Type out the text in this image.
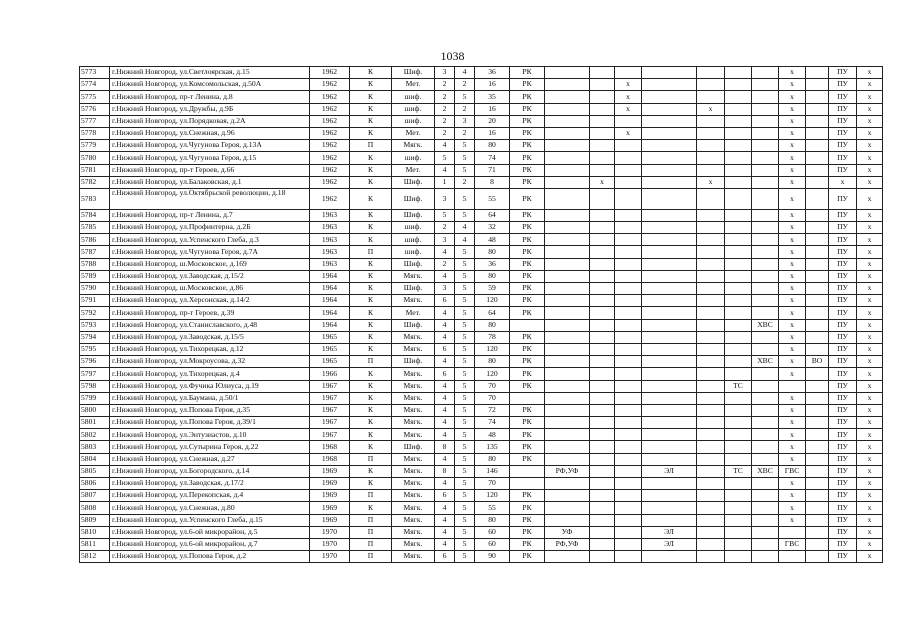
1038
5773	г.Нижний Новгород, ул.Светлоярская, д.15	1962	К	Шиф.	3	4	36	РК								х		ПУ	х
5774	г.Нижний Новгород, ул.Комсомольская, д.50А	1962	К	Мет.	2	2	16	РК			х					х		ПУ	х
5775	г.Нижний Новгород, пр-т Ленина, д.8	1962	К	шиф.	2	5	35	РК			х					х		ПУ	х
5776	г.Нижний Новгород, ул.Дружбы, д.9Б	1962	К	шиф.	2	2	16	РК			х		х			х		ПУ	х
5777	г.Нижний Новгород, ул.Порядковая, д.2А	1962	К	шиф.	2	3	20	РК								х		ПУ	х
5778	г.Нижний Новгород, ул.Снежная, д.96	1962	К	Мет.	2	2	16	РК			х					х		ПУ	х
5779	г.Нижний Новгород, ул.Чугунова Героя, д.13А	1962	П	Мягк.	4	5	80	РК								х		ПУ	х
5780	г.Нижний Новгород, ул.Чугунова Героя, д.15	1962	К	шиф.	5	5	74	РК								х		ПУ	х
5781	г.Нижний Новгород, пр-т Героев, д.66	1962	К	Мет.	4	5	71	РК								х		ПУ	х
5782	г.Нижний Новгород, ул.Балаковская, д.1	1962	К	Шиф.	1	2	8	РК		х			х			х		х	х
5783	г.Нижний Новгород, ул.Октябрьской революции, д.18	1962	К	Шиф.	3	5	55	РК								х		ПУ	х
5784	г.Нижний Новгород, пр-т Ленина, д.7	1963	К	Шиф.	5	5	64	РК								х		ПУ	х
5785	г.Нижний Новгород, ул.Профинтерна, д.2Б	1963	К	шиф.	2	4	32	РК								х		ПУ	х
5786	г.Нижний Новгород, ул.Успенского Глеба, д.3	1963	К	шиф.	3	4	48	РК								х		ПУ	х
5787	г.Нижний Новгород, ул.Чугунова Героя, д.7А	1963	П	шиф.	4	5	80	РК								х		ПУ	х
5788	г.Нижний Новгород, ш.Московское, д.169	1963	К	Шиф.	2	5	36	РК								х		ПУ	х
5789	г.Нижний Новгород, ул.Заводская, д.15/2	1964	К	Мягк.	4	5	80	РК								х		ПУ	х
5790	г.Нижний Новгород, ш.Московское, д.86	1964	К	Шиф.	3	5	59	РК								х		ПУ	х
5791	г.Нижний Новгород, ул.Херсонская, д.14/2	1964	К	Мягк.	6	5	120	РК								х		ПУ	х
5792	г.Нижний Новгород, пр-т Героев, д.39	1964	К	Мет.	4	5	64	РК								х		ПУ	х
5793	г.Нижний Новгород, ул.Станиславского, д.48	1964	К	Шиф.	4	5	80								ХВС	х		ПУ	х
5794	г.Нижний Новгород, ул.Заводская, д.15/5	1965	К	Мягк.	4	5	78	РК								х		ПУ	х
5795	г.Нижний Новгород, ул.Тихорецкая, д.12	1965	К	Мягк.	6	5	120	РК								х		ПУ	х
5796	г.Нижний Новгород, ул.Мокроусова, д.32	1965	П	Шиф.	4	5	80	РК							ХВС	х	ВО	ПУ	х
5797	г.Нижний Новгород, ул.Тихорецкая, д.4	1966	К	Мягк.	6	5	120	РК								х		ПУ	х
5798	г.Нижний Новгород, ул.Фучика Юлиуса, д.19	1967	К	Мягк.	4	5	70	РК						ТС				ПУ	х
5799	г.Нижний Новгород, ул.Баумана, д.50/1	1967	К	Мягк.	4	5	70									х		ПУ	х
5800	г.Нижний Новгород, ул.Попова Героя, д.35	1967	К	Мягк.	4	5	72	РК								х		ПУ	х
5801	г.Нижний Новгород, ул.Попова Героя, д.39/1	1967	К	Мягк.	4	5	74	РК								х		ПУ	х
5802	г.Нижний Новгород, ул.Энтузиастов, д.10	1967	К	Мягк.	4	5	48	РК								х		ПУ	х
5803	г.Нижний Новгород, ул.Сутырина Героя, д.22	1968	К	Шиф.	8	5	135	РК								х		ПУ	х
5804	г.Нижний Новгород, ул.Снежная, д.27	1968	П	Мягк.	4	5	80	РК								х		ПУ	х
5805	г.Нижний Новгород, ул.Богородского, д.14	1969	К	Мягк.	8	5	146		РФ,УФ			ЭЛ		ТС	ХВС	ГВС		ПУ	х
5806	г.Нижний Новгород, ул.Заводская, д.17/2	1969	К	Мягк.	4	5	70									х		ПУ	х
5807	г.Нижний Новгород, ул.Перекопская, д.4	1969	П	Мягк.	6	5	120	РК								х		ПУ	х
5808	г.Нижний Новгород, ул.Снежная, д.80	1969	К	Мягк.	4	5	55	РК								х		ПУ	х
5809	г.Нижний Новгород, ул.Успенского Глеба, д.15	1969	П	Мягк.	4	5	80	РК								х		ПУ	х
5810	г.Нижний Новгород, ул.6-ой микрорайон, д.5	1970	П	Мягк.	4	5	60	РК	УФ			ЭЛ						ПУ	х
5811	г.Нижний Новгород, ул.6-ой микрорайон, д.7	1970	П	Мягк.	4	5	60	РК	РФ,УФ			ЭЛ				ГВС		ПУ	х
5812	г.Нижний Новгород, ул.Попова Героя, д.2	1970	П	Мягк.	6	5	90	РК										ПУ	х
